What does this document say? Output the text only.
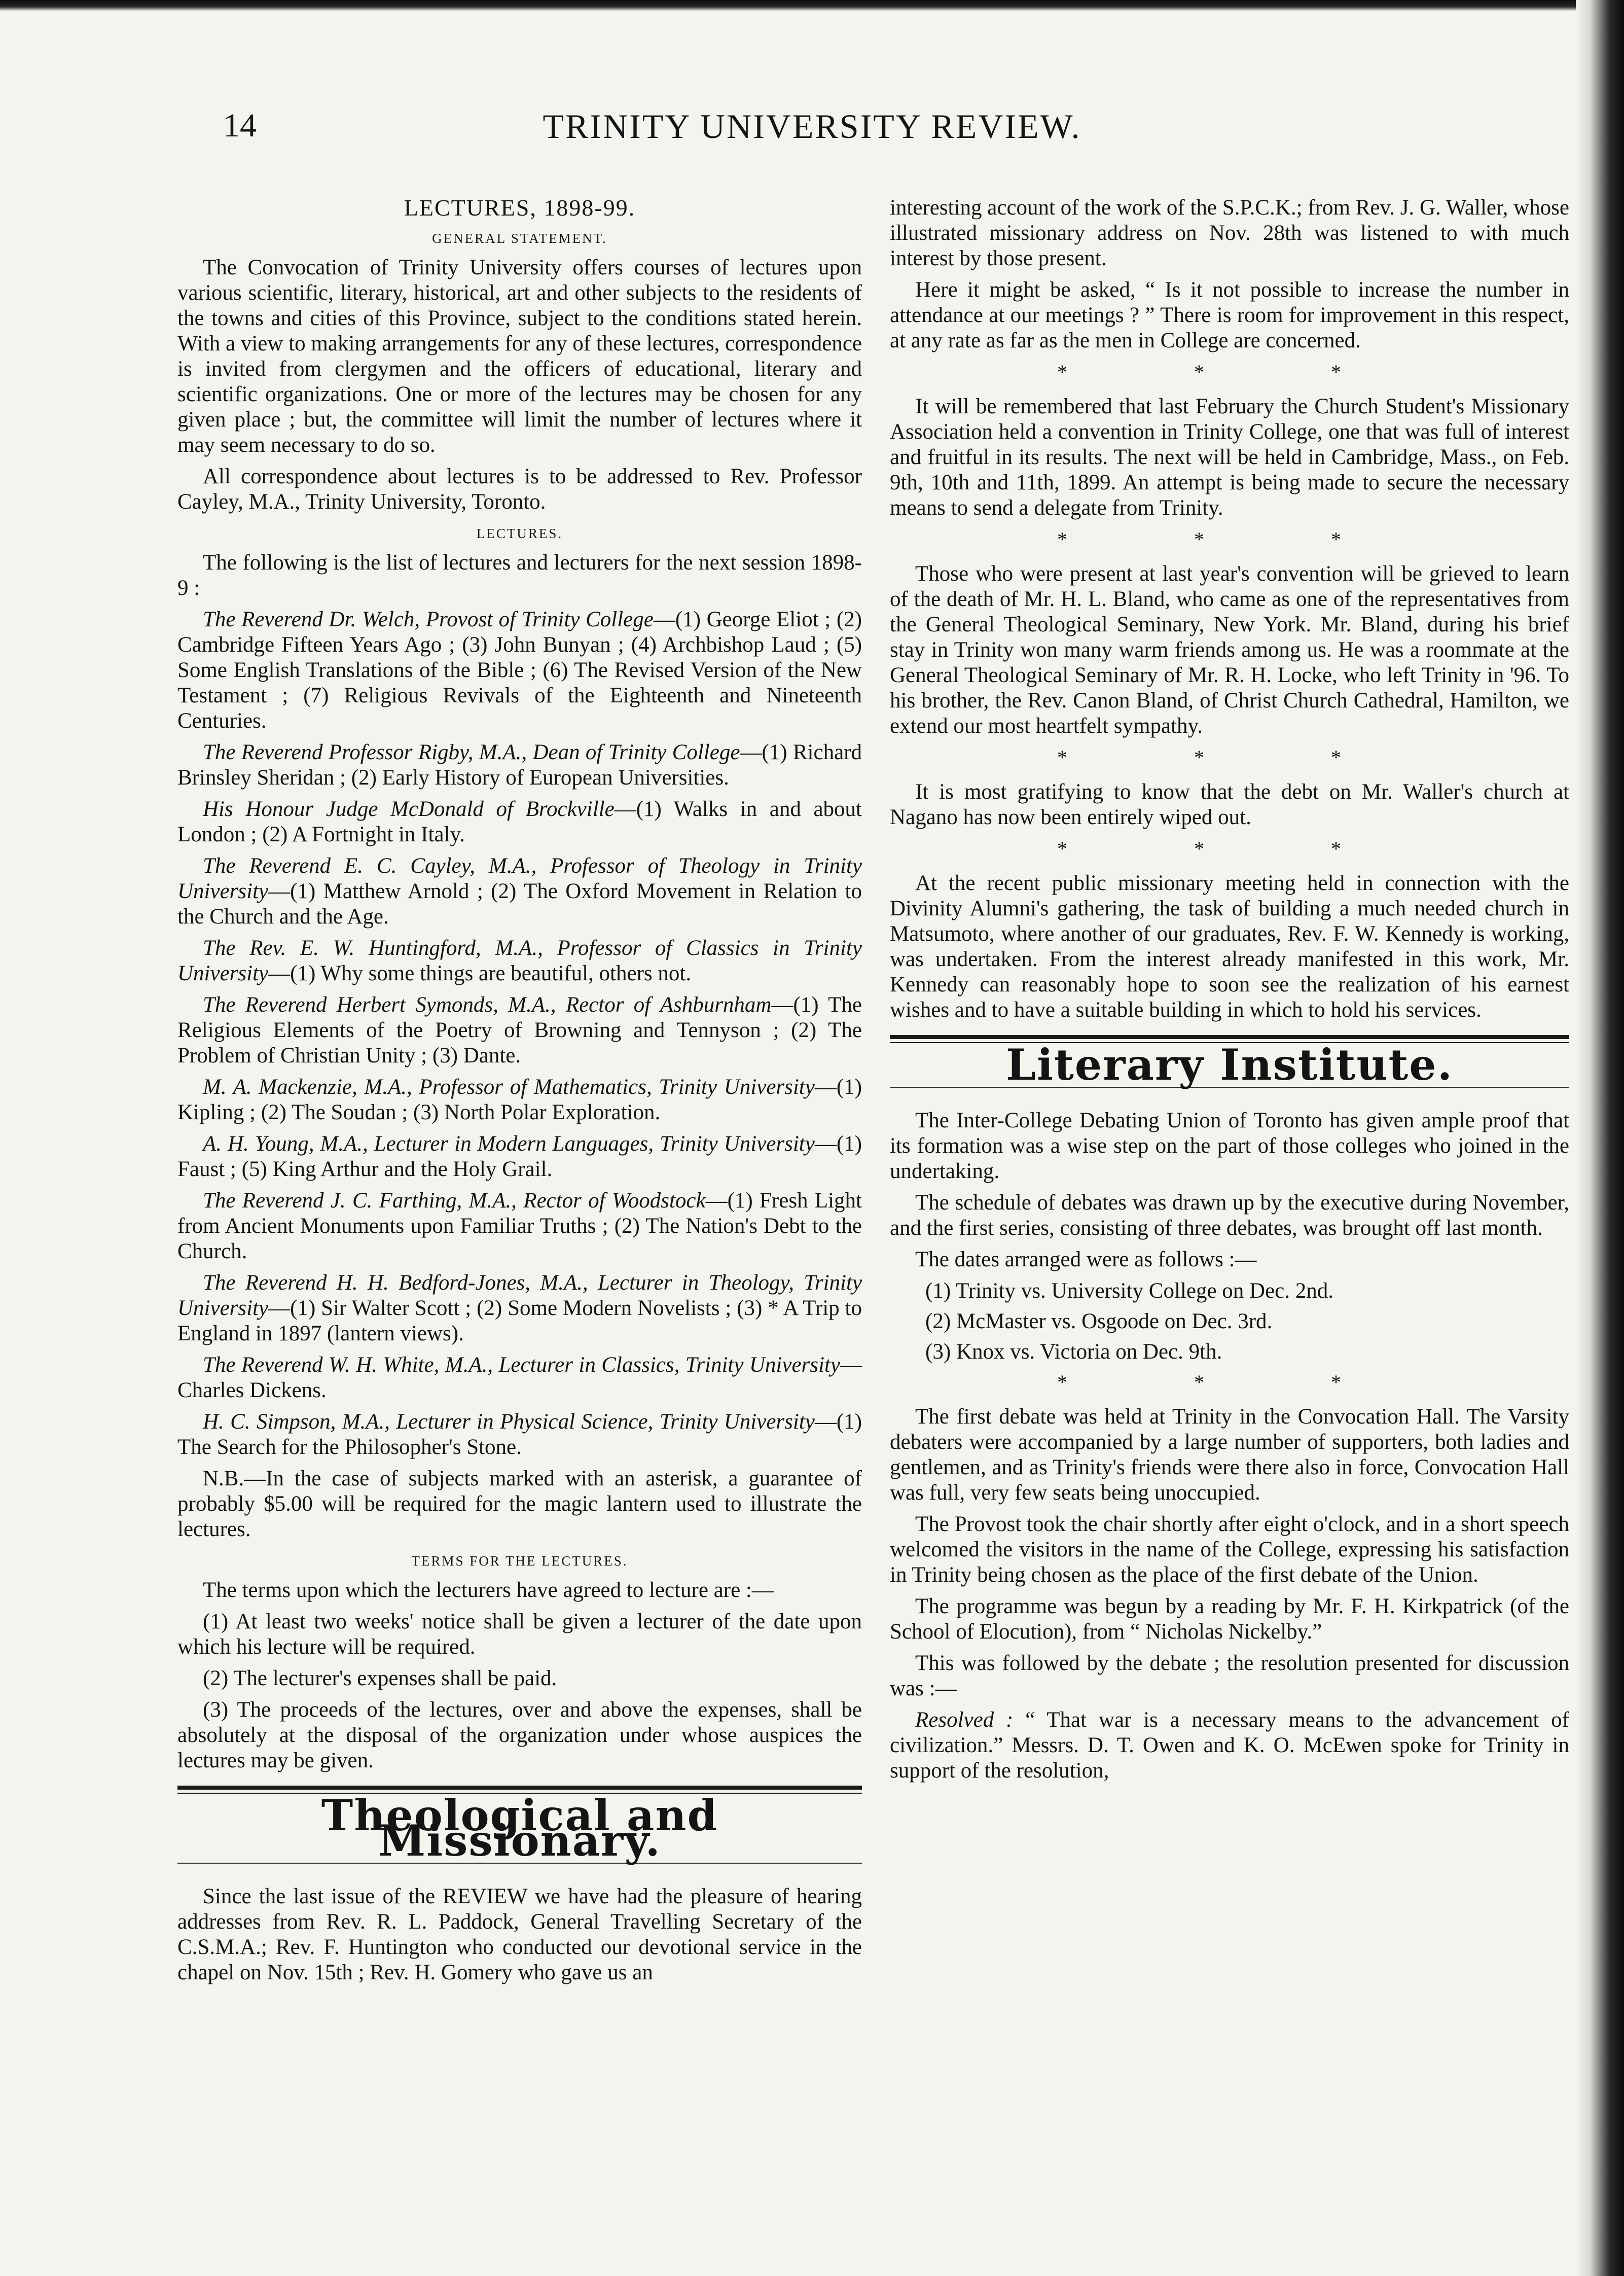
14	TRINITY UNIVERSITY REVIEW.
LECTURES, 1898-99.
GENERAL STATEMENT.

The Convocation of Trinity University offers courses of lectures upon various scientific, literary, historical, art and other subjects to the residents of the towns and cities of this Province, subject to the conditions stated herein. With a view to making arrangements for any of these lectures, correspondence is invited from clergymen and the officers of educational, literary and scientific organizations. One or more of the lectures may be chosen for any given place ; but, the committee will limit the number of lectures where it may seem necessary to do so.

All correspondence about lectures is to be addressed to Rev. Professor Cayley, M.A., Trinity University, Toronto.

LECTURES.

The following is the list of lectures and lecturers for the next session 1898-9 :

The Reverend Dr. Welch, Provost of Trinity College—(1) George Eliot ; (2) Cambridge Fifteen Years Ago ; (3) John Bunyan ; (4) Archbishop Laud ; (5) Some English Translations of the Bible ; (6) The Revised Version of the New Testament ; (7) Religious Revivals of the Eighteenth and Nineteenth Centuries.

The Reverend Professor Rigby, M.A., Dean of Trinity College—(1) Richard Brinsley Sheridan ; (2) Early History of European Universities.

His Honour Judge McDonald of Brockville—(1) Walks in and about London ; (2) A Fortnight in Italy.

The Reverend E. C. Cayley, M.A., Professor of Theology in Trinity University—(1) Matthew Arnold ; (2) The Oxford Movement in Relation to the Church and the Age.

The Rev. E. W. Huntingford, M.A., Professor of Classics in Trinity University—(1) Why some things are beautiful, others not.

The Reverend Herbert Symonds, M.A., Rector of Ashburnham—(1) The Religious Elements of the Poetry of Browning and Tennyson ; (2) The Problem of Christian Unity ; (3) Dante.

M. A. Mackenzie, M.A., Professor of Mathematics, Trinity University—(1) Kipling ; (2) The Soudan ; (3) North Polar Exploration.

A. H. Young, M.A., Lecturer in Modern Languages, Trinity University—(1) Faust ; (5) King Arthur and the Holy Grail.

The Reverend J. C. Farthing, M.A., Rector of Woodstock—(1) Fresh Light from Ancient Monuments upon Familiar Truths ; (2) The Nation's Debt to the Church.

The Reverend H. H. Bedford-Jones, M.A., Lecturer in Theology, Trinity University—(1) Sir Walter Scott ; (2) Some Modern Novelists ; (3) * A Trip to England in 1897 (lantern views).

The Reverend W. H. White, M.A., Lecturer in Classics, Trinity University—Charles Dickens.

H. C. Simpson, M.A., Lecturer in Physical Science, Trinity University—(1) The Search for the Philosopher's Stone.

N.B.—In the case of subjects marked with an asterisk, a guarantee of probably $5.00 will be required for the magic lantern used to illustrate the lectures.

TERMS FOR THE LECTURES.

The terms upon which the lecturers have agreed to lecture are :—

(1) At least two weeks' notice shall be given a lecturer of the date upon which his lecture will be required.

(2) The lecturer's expenses shall be paid.

(3) The proceeds of the lectures, over and above the expenses, shall be absolutely at the disposal of the organization under whose auspices the lectures may be given.

Theological and Missionary.

Since the last issue of the REVIEW we have had the pleasure of hearing addresses from Rev. R. L. Paddock, General Travelling Secretary of the C.S.M.A.; Rev. F. Huntington who conducted our devotional service in the chapel on Nov. 15th ; Rev. H. Gomery who gave us an

interesting account of the work of the S.P.C.K.; from Rev. J. G. Waller, whose illustrated missionary address on Nov. 28th was listened to with much interest by those present.

Here it might be asked, “ Is it not possible to increase the number in attendance at our meetings ? ” There is room for improvement in this respect, at any rate as far as the men in College are concerned.

* * *

It will be remembered that last February the Church Student's Missionary Association held a convention in Trinity College, one that was full of interest and fruitful in its results. The next will be held in Cambridge, Mass., on Feb. 9th, 10th and 11th, 1899. An attempt is being made to secure the necessary means to send a delegate from Trinity.

* * *

Those who were present at last year's convention will be grieved to learn of the death of Mr. H. L. Bland, who came as one of the representatives from the General Theological Seminary, New York. Mr. Bland, during his brief stay in Trinity won many warm friends among us. He was a roommate at the General Theological Seminary of Mr. R. H. Locke, who left Trinity in '96. To his brother, the Rev. Canon Bland, of Christ Church Cathedral, Hamilton, we extend our most heartfelt sympathy.

* * *

It is most gratifying to know that the debt on Mr. Waller's church at Nagano has now been entirely wiped out.

* * *

At the recent public missionary meeting held in connection with the Divinity Alumni's gathering, the task of building a much needed church in Matsumoto, where another of our graduates, Rev. F. W. Kennedy is working, was undertaken. From the interest already manifested in this work, Mr. Kennedy can reasonably hope to soon see the realization of his earnest wishes and to have a suitable building in which to hold his services.

Literary Institute.

The Inter-College Debating Union of Toronto has given ample proof that its formation was a wise step on the part of those colleges who joined in the undertaking.

The schedule of debates was drawn up by the executive during November, and the first series, consisting of three debates, was brought off last month.

The dates arranged were as follows :—

(1) Trinity vs. University College on Dec. 2nd.
(2) McMaster vs. Osgoode on Dec. 3rd.
(3) Knox vs. Victoria on Dec. 9th.
* * *

The first debate was held at Trinity in the Convocation Hall. The Varsity debaters were accompanied by a large number of supporters, both ladies and gentlemen, and as Trinity's friends were there also in force, Convocation Hall was full, very few seats being unoccupied.

The Provost took the chair shortly after eight o'clock, and in a short speech welcomed the visitors in the name of the College, expressing his satisfaction in Trinity being chosen as the place of the first debate of the Union.

The programme was begun by a reading by Mr. F. H. Kirkpatrick (of the School of Elocution), from “ Nicholas Nickelby.”

This was followed by the debate ; the resolution presented for discussion was :—

Resolved : “ That war is a necessary means to the advancement of civilization.” Messrs. D. T. Owen and K. O. McEwen spoke for Trinity in support of the resolution,
